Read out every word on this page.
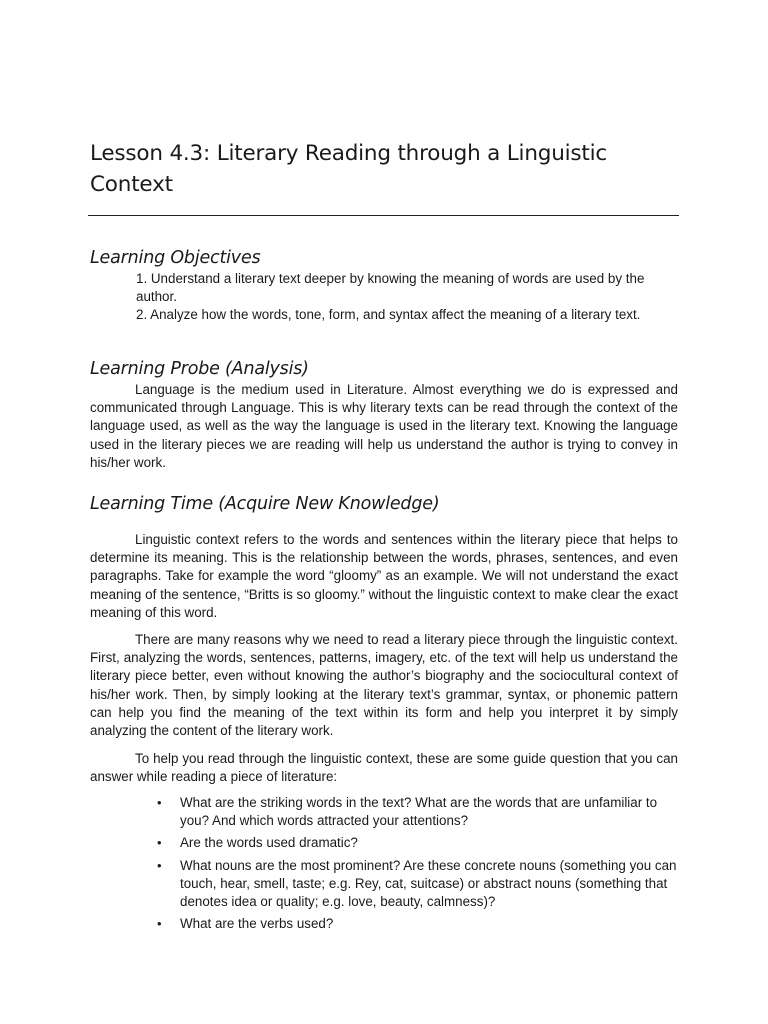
Lesson 4.3: Literary Reading through a Linguistic Context
Learning Objectives
1. Understand a literary text deeper by knowing the meaning of words are used by the author.
2. Analyze how the words, tone, form, and syntax affect the meaning of a literary text.
Learning Probe (Analysis)

Language is the medium used in Literature. Almost everything we do is expressed and communicated through Language. This is why literary texts can be read through the context of the language used, as well as the way the language is used in the literary text. Knowing the language used in the literary pieces we are reading will help us understand the author is trying to convey in his/her work.

Learning Time (Acquire New Knowledge)

Linguistic context refers to the words and sentences within the literary piece that helps to determine its meaning. This is the relationship between the words, phrases, sentences, and even paragraphs. Take for example the word “gloomy” as an example. We will not understand the exact meaning of the sentence, “Britts is so gloomy.” without the linguistic context to make clear the exact meaning of this word.

There are many reasons why we need to read a literary piece through the linguistic context. First, analyzing the words, sentences, patterns, imagery, etc. of the text will help us understand the literary piece better, even without knowing the author’s biography and the sociocultural context of his/her work. Then, by simply looking at the literary text’s grammar, syntax, or phonemic pattern can help you find the meaning of the text within its form and help you interpret it by simply analyzing the content of the literary work.

To help you read through the linguistic context, these are some guide question that you can answer while reading a piece of literature:

• What are the striking words in the text? What are the words that are unfamiliar to you? And which words attracted your attentions?
• Are the words used dramatic?
• What nouns are the most prominent? Are these concrete nouns (something you can touch, hear, smell, taste; e.g. Rey, cat, suitcase) or abstract nouns (something that denotes idea or quality; e.g. love, beauty, calmness)?
• What are the verbs used?
